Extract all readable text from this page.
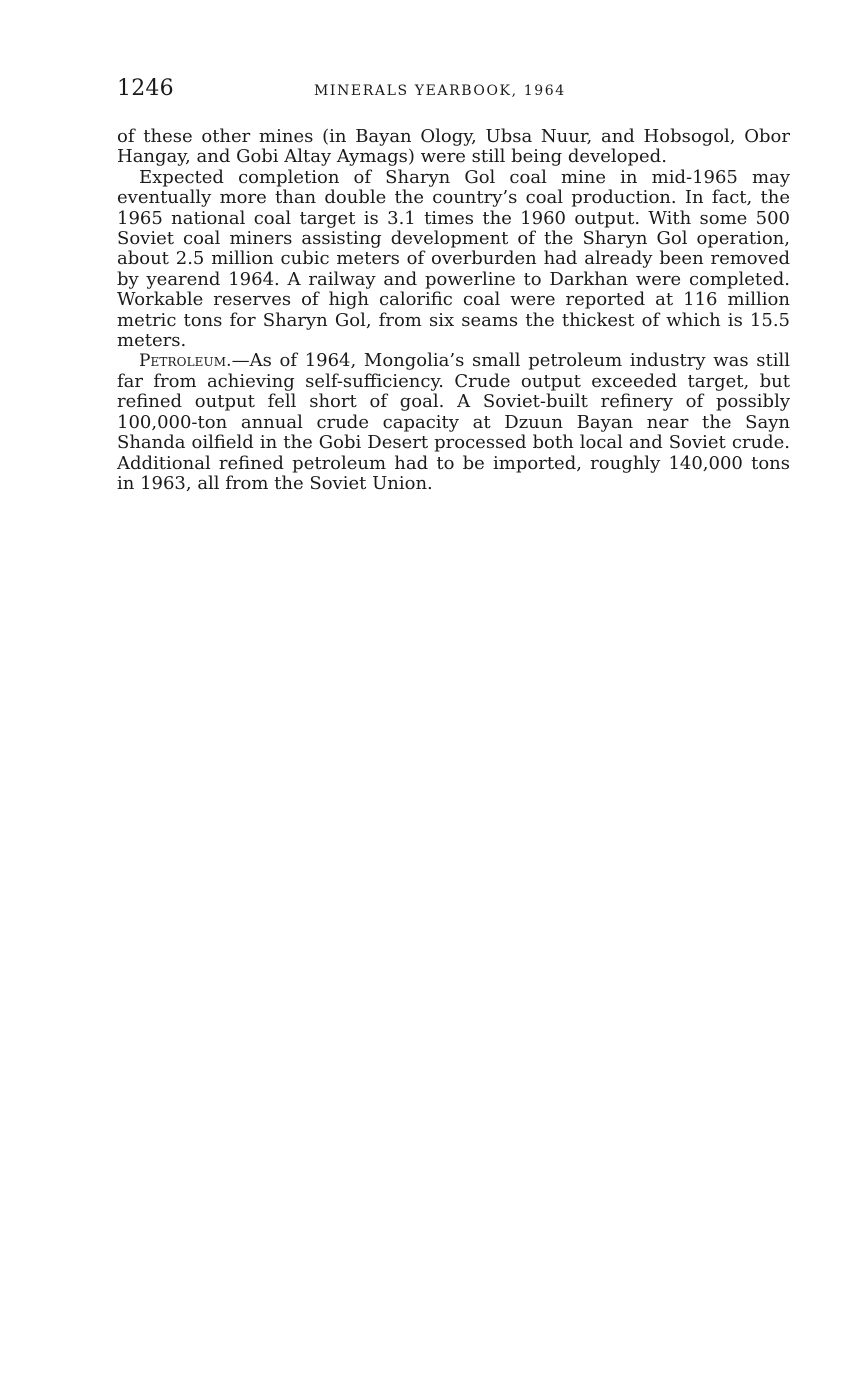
1246	MINERALS YEARBOOK, 1964

of these other mines (in Bayan Ology, Ubsa Nuur, and Hobsogol, Obor Hangay, and Gobi Altay Aymags) were still being developed.

Expected completion of Sharyn Gol coal mine in mid-1965 may eventually more than double the country’s coal production. In fact, the 1965 national coal target is 3.1 times the 1960 output. With some 500 Soviet coal miners assisting development of the Sharyn Gol operation, about 2.5 million cubic meters of overburden had already been removed by yearend 1964. A railway and powerline to Darkhan were completed. Workable reserves of high calorific coal were reported at 116 million metric tons for Sharyn Gol, from six seams the thickest of which is 15.5 meters.

Petroleum.—As of 1964, Mongolia’s small petroleum industry was still far from achieving self-sufficiency. Crude output exceeded target, but refined output fell short of goal. A Soviet-built refinery of possibly 100,000-ton annual crude capacity at Dzuun Bayan near the Sayn Shanda oilfield in the Gobi Desert processed both local and Soviet crude. Additional refined petroleum had to be imported, roughly 140,000 tons in 1963, all from the Soviet Union.
